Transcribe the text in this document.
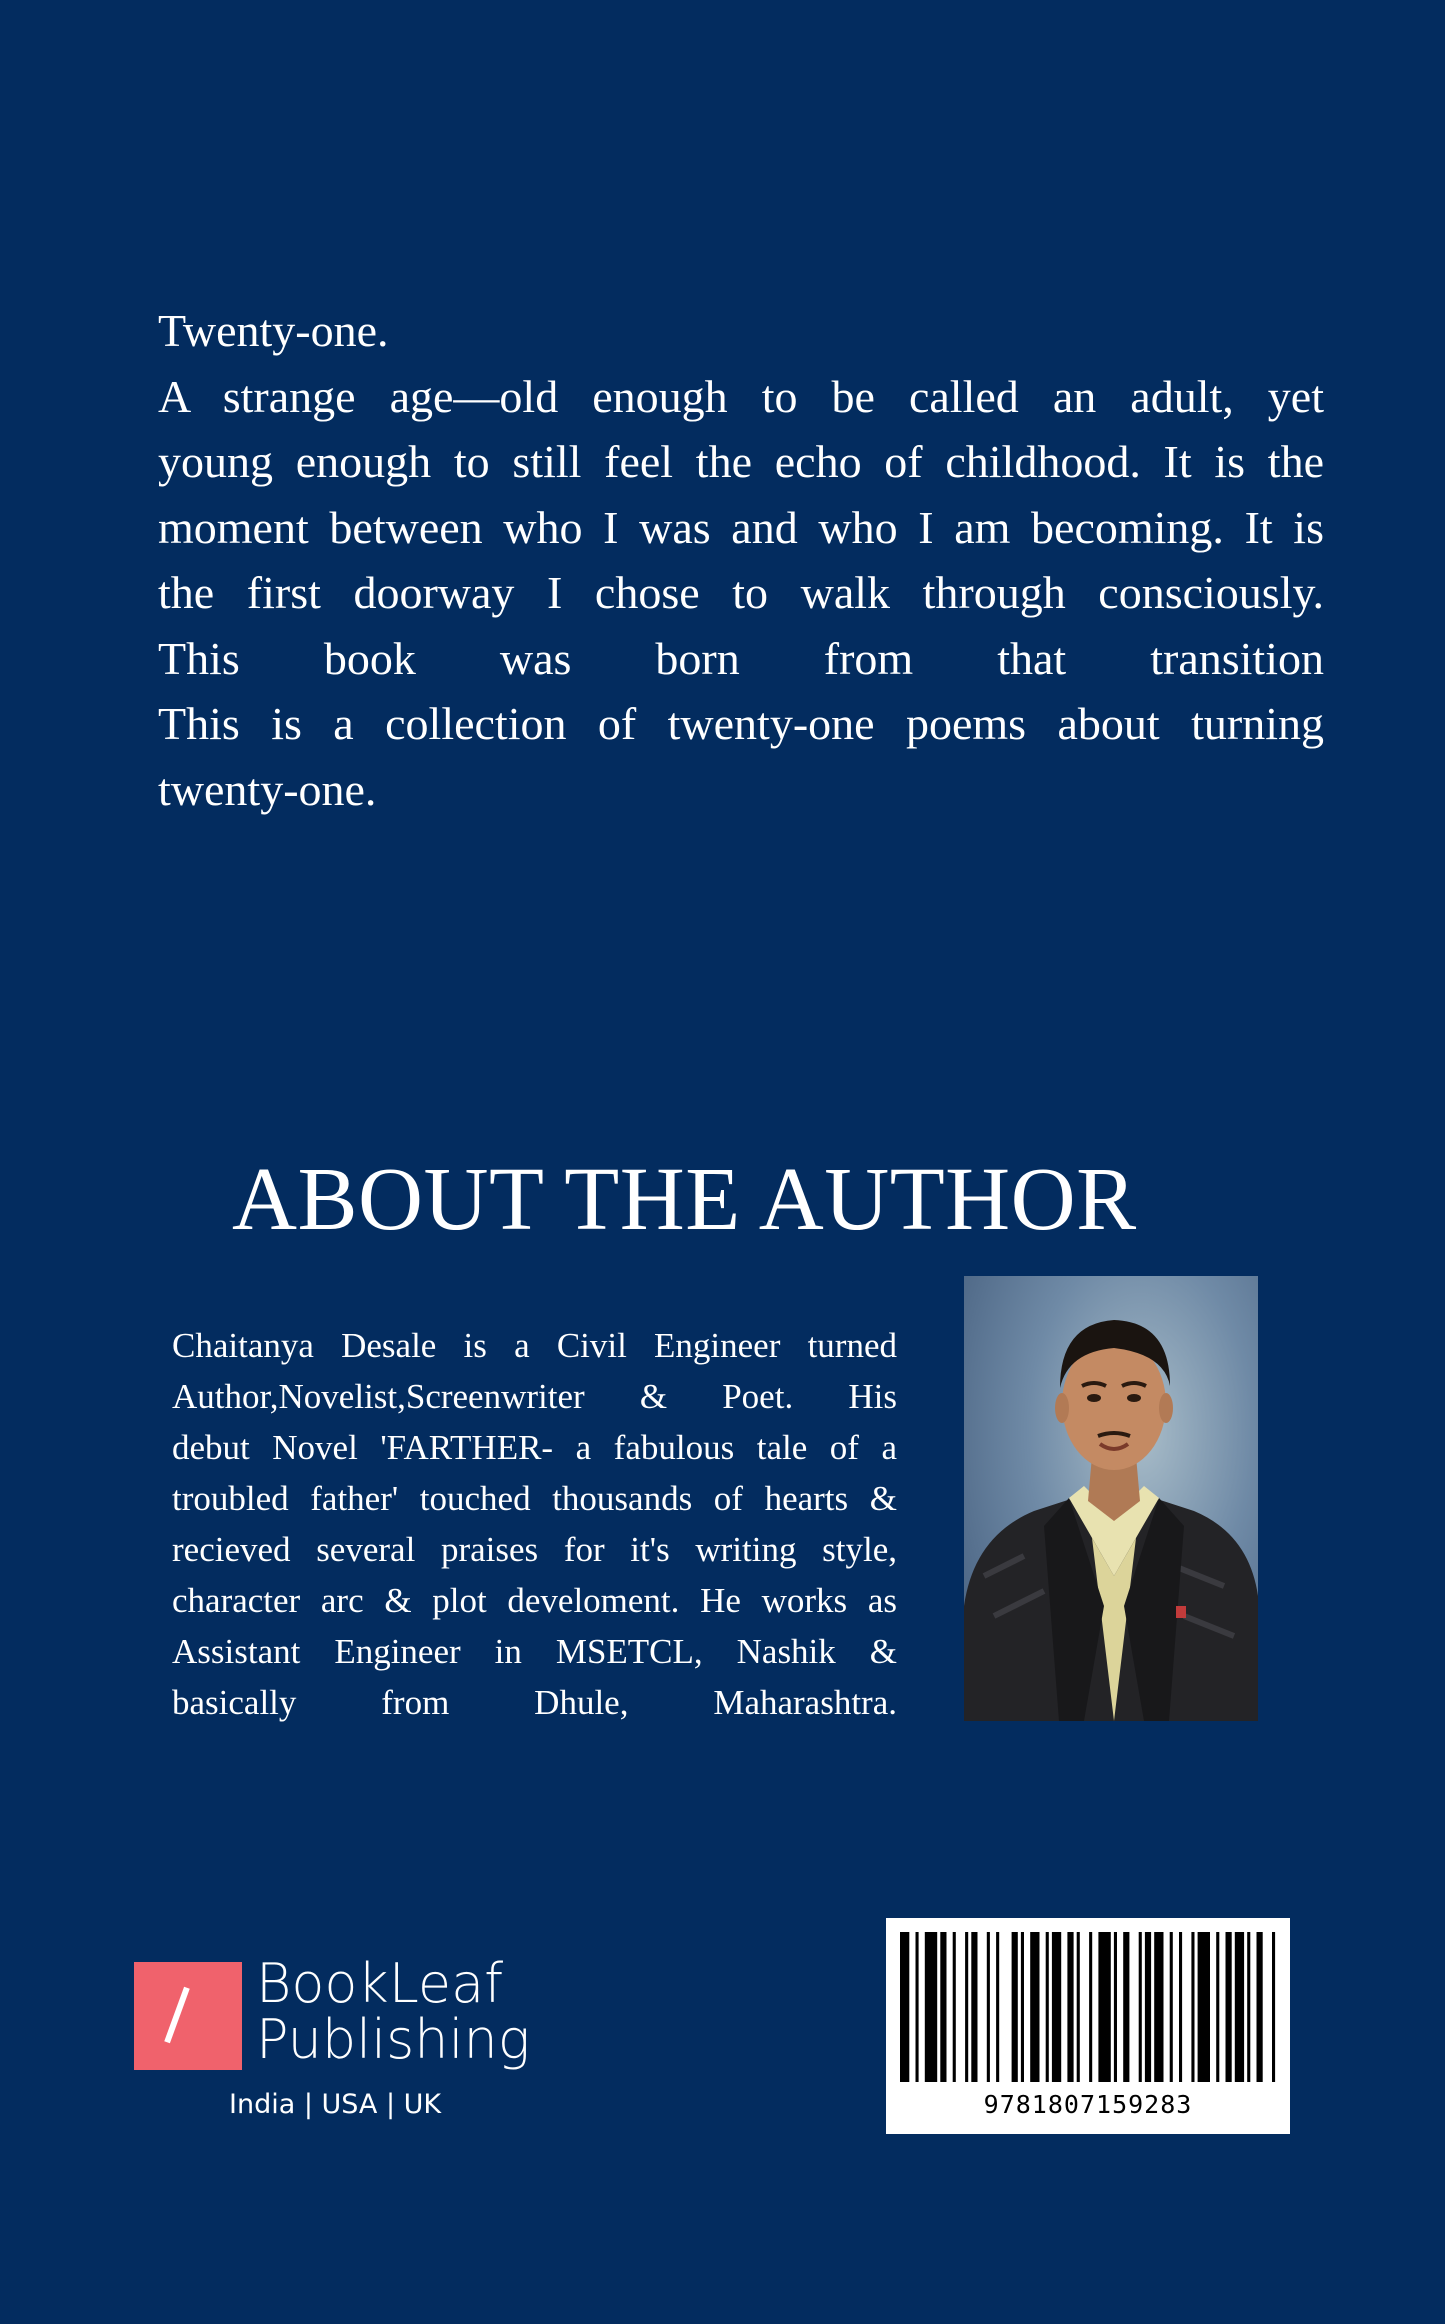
Twenty-one.
A strange age—old enough to be called an adult, yet
young enough to still feel the echo of childhood. It is the
moment between who I was and who I am becoming. It is
the first doorway I chose to walk through consciously.
This book was born from that transition
This is a collection of twenty-one poems about turning
twenty-one.
ABOUT THE AUTHOR
Chaitanya Desale is a Civil Engineer turned
Author,Novelist,Screenwriter & Poet. His
debut Novel 'FARTHER- a fabulous tale of a
troubled father' touched thousands of hearts &
recieved several praises for it's writing style,
character arc & plot develoment. He works as
Assistant Engineer in MSETCL, Nashik &
basically from Dhule, Maharashtra.
BookLeaf
Publishing
India | USA | UK	9781807159283
